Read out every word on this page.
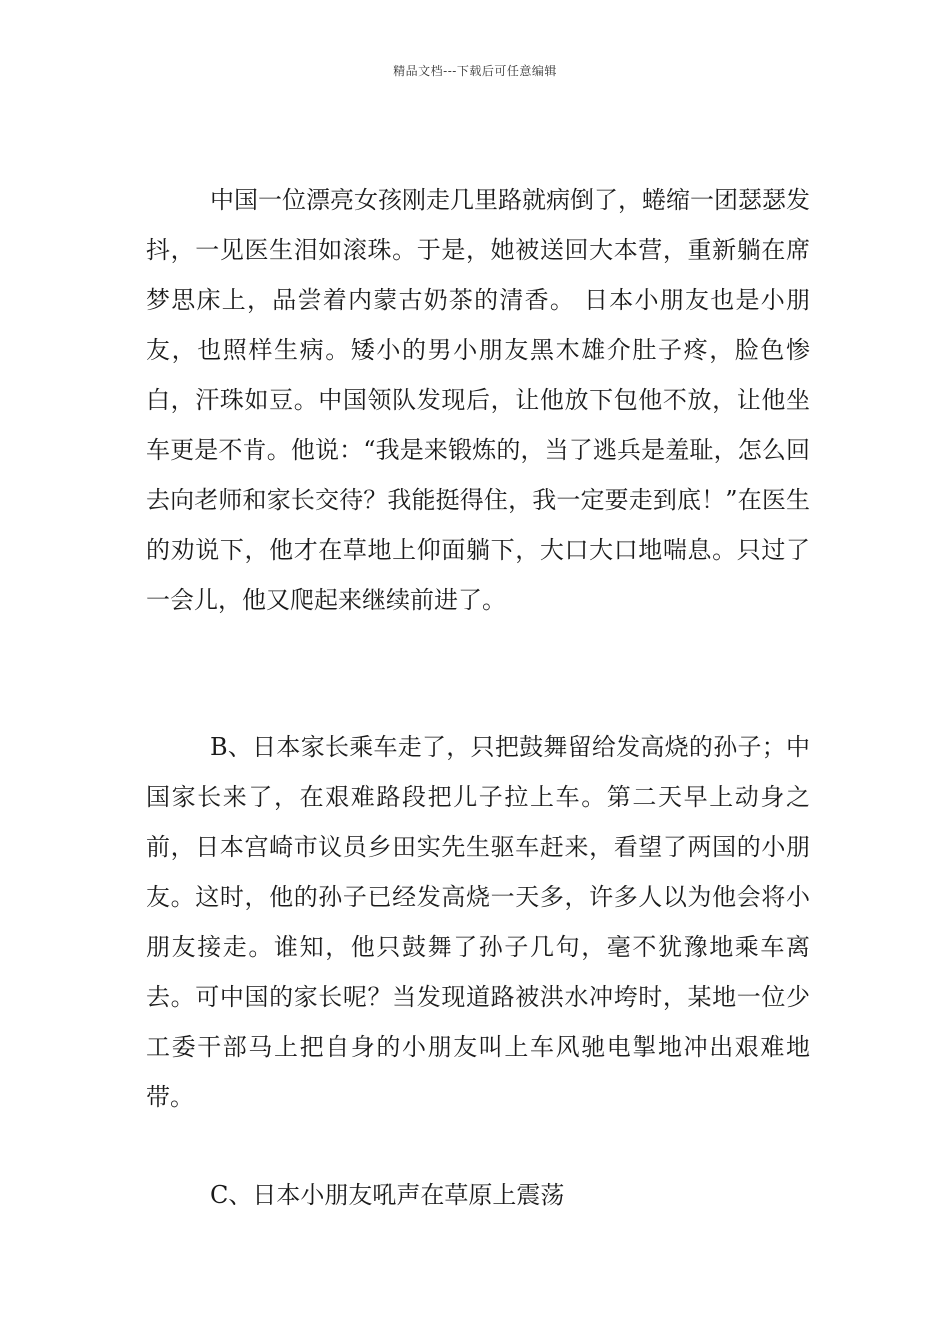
精品文档---下载后可任意编辑

中国一位漂亮女孩刚走几里路就病倒了，蜷缩一团瑟瑟发抖，一见医生泪如滚珠。于是，她被送回大本营，重新躺在席梦思床上，品尝着内蒙古奶茶的清香。 日本小朋友也是小朋友，也照样生病。矮小的男小朋友黑木雄介肚子疼，脸色惨白，汗珠如豆。中国领队发现后，让他放下包他不放，让他坐车更是不肯。他说：“我是来锻炼的，当了逃兵是羞耻，怎么回去向老师和家长交待？我能挺得住，我一定要走到底！”在医生的劝说下，他才在草地上仰面躺下，大口大口地喘息。只过了一会儿，他又爬起来继续前进了。

B、日本家长乘车走了，只把鼓舞留给发高烧的孙子；中国家长来了，在艰难路段把儿子拉上车。第二天早上动身之前，日本宫崎市议员乡田实先生驱车赶来，看望了两国的小朋友。这时，他的孙子已经发高烧一天多，许多人以为他会将小朋友接走。谁知，他只鼓舞了孙子几句，毫不犹豫地乘车离去。可中国的家长呢？当发现道路被洪水冲垮时，某地一位少工委干部马上把自身的小朋友叫上车风驰电掣地冲出艰难地带。

C、日本小朋友吼声在草原上震荡
